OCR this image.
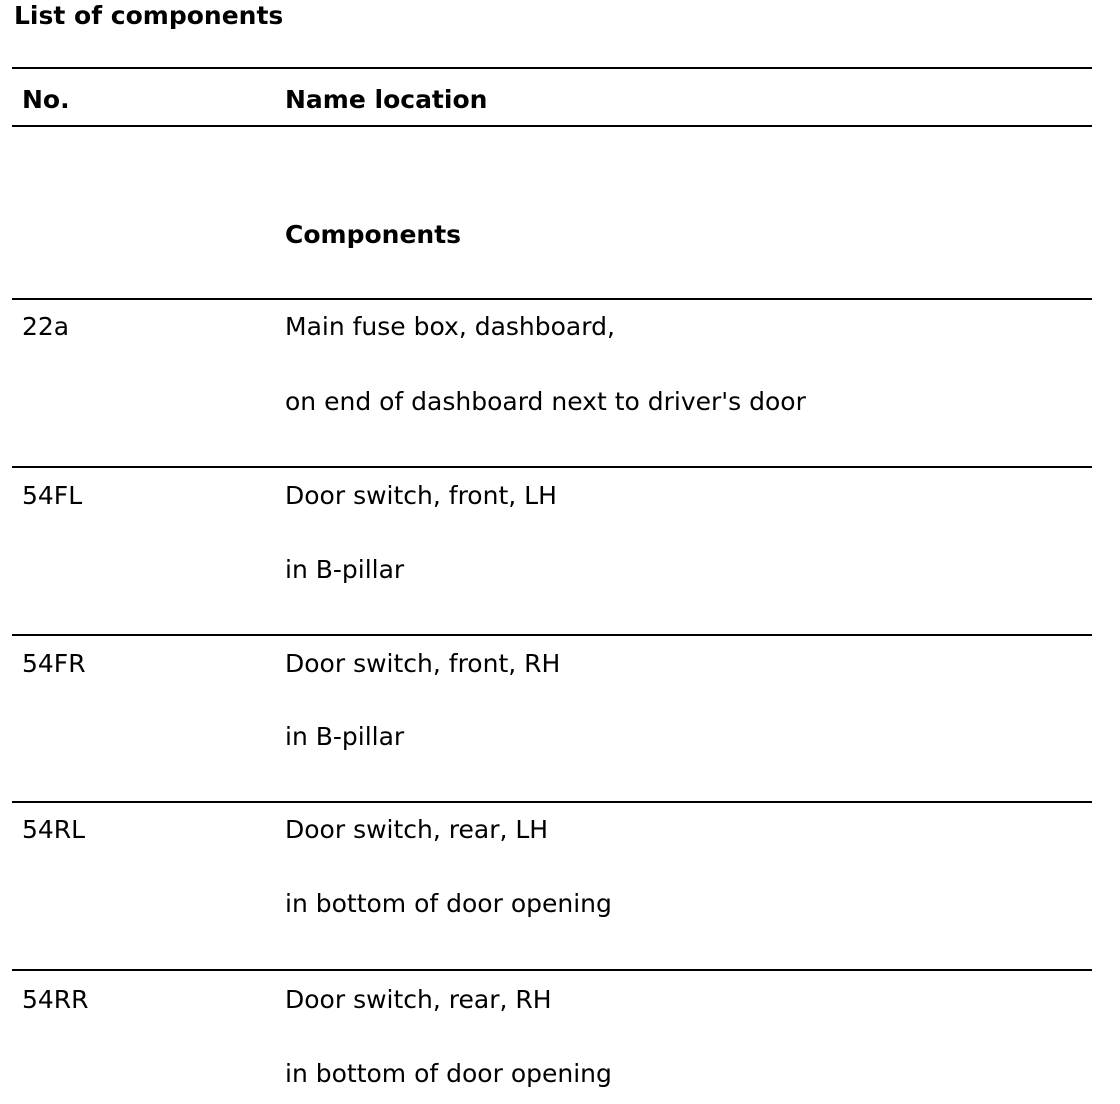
List of components
No.	Name location
Components
22a	Main fuse box, dashboard,
on end of dashboard next to driver's door
54FL	Door switch, front, LH
in B-pillar
54FR	Door switch, front, RH
in B-pillar
54RL	Door switch, rear, LH
in bottom of door opening
54RR	Door switch, rear, RH
in bottom of door opening
